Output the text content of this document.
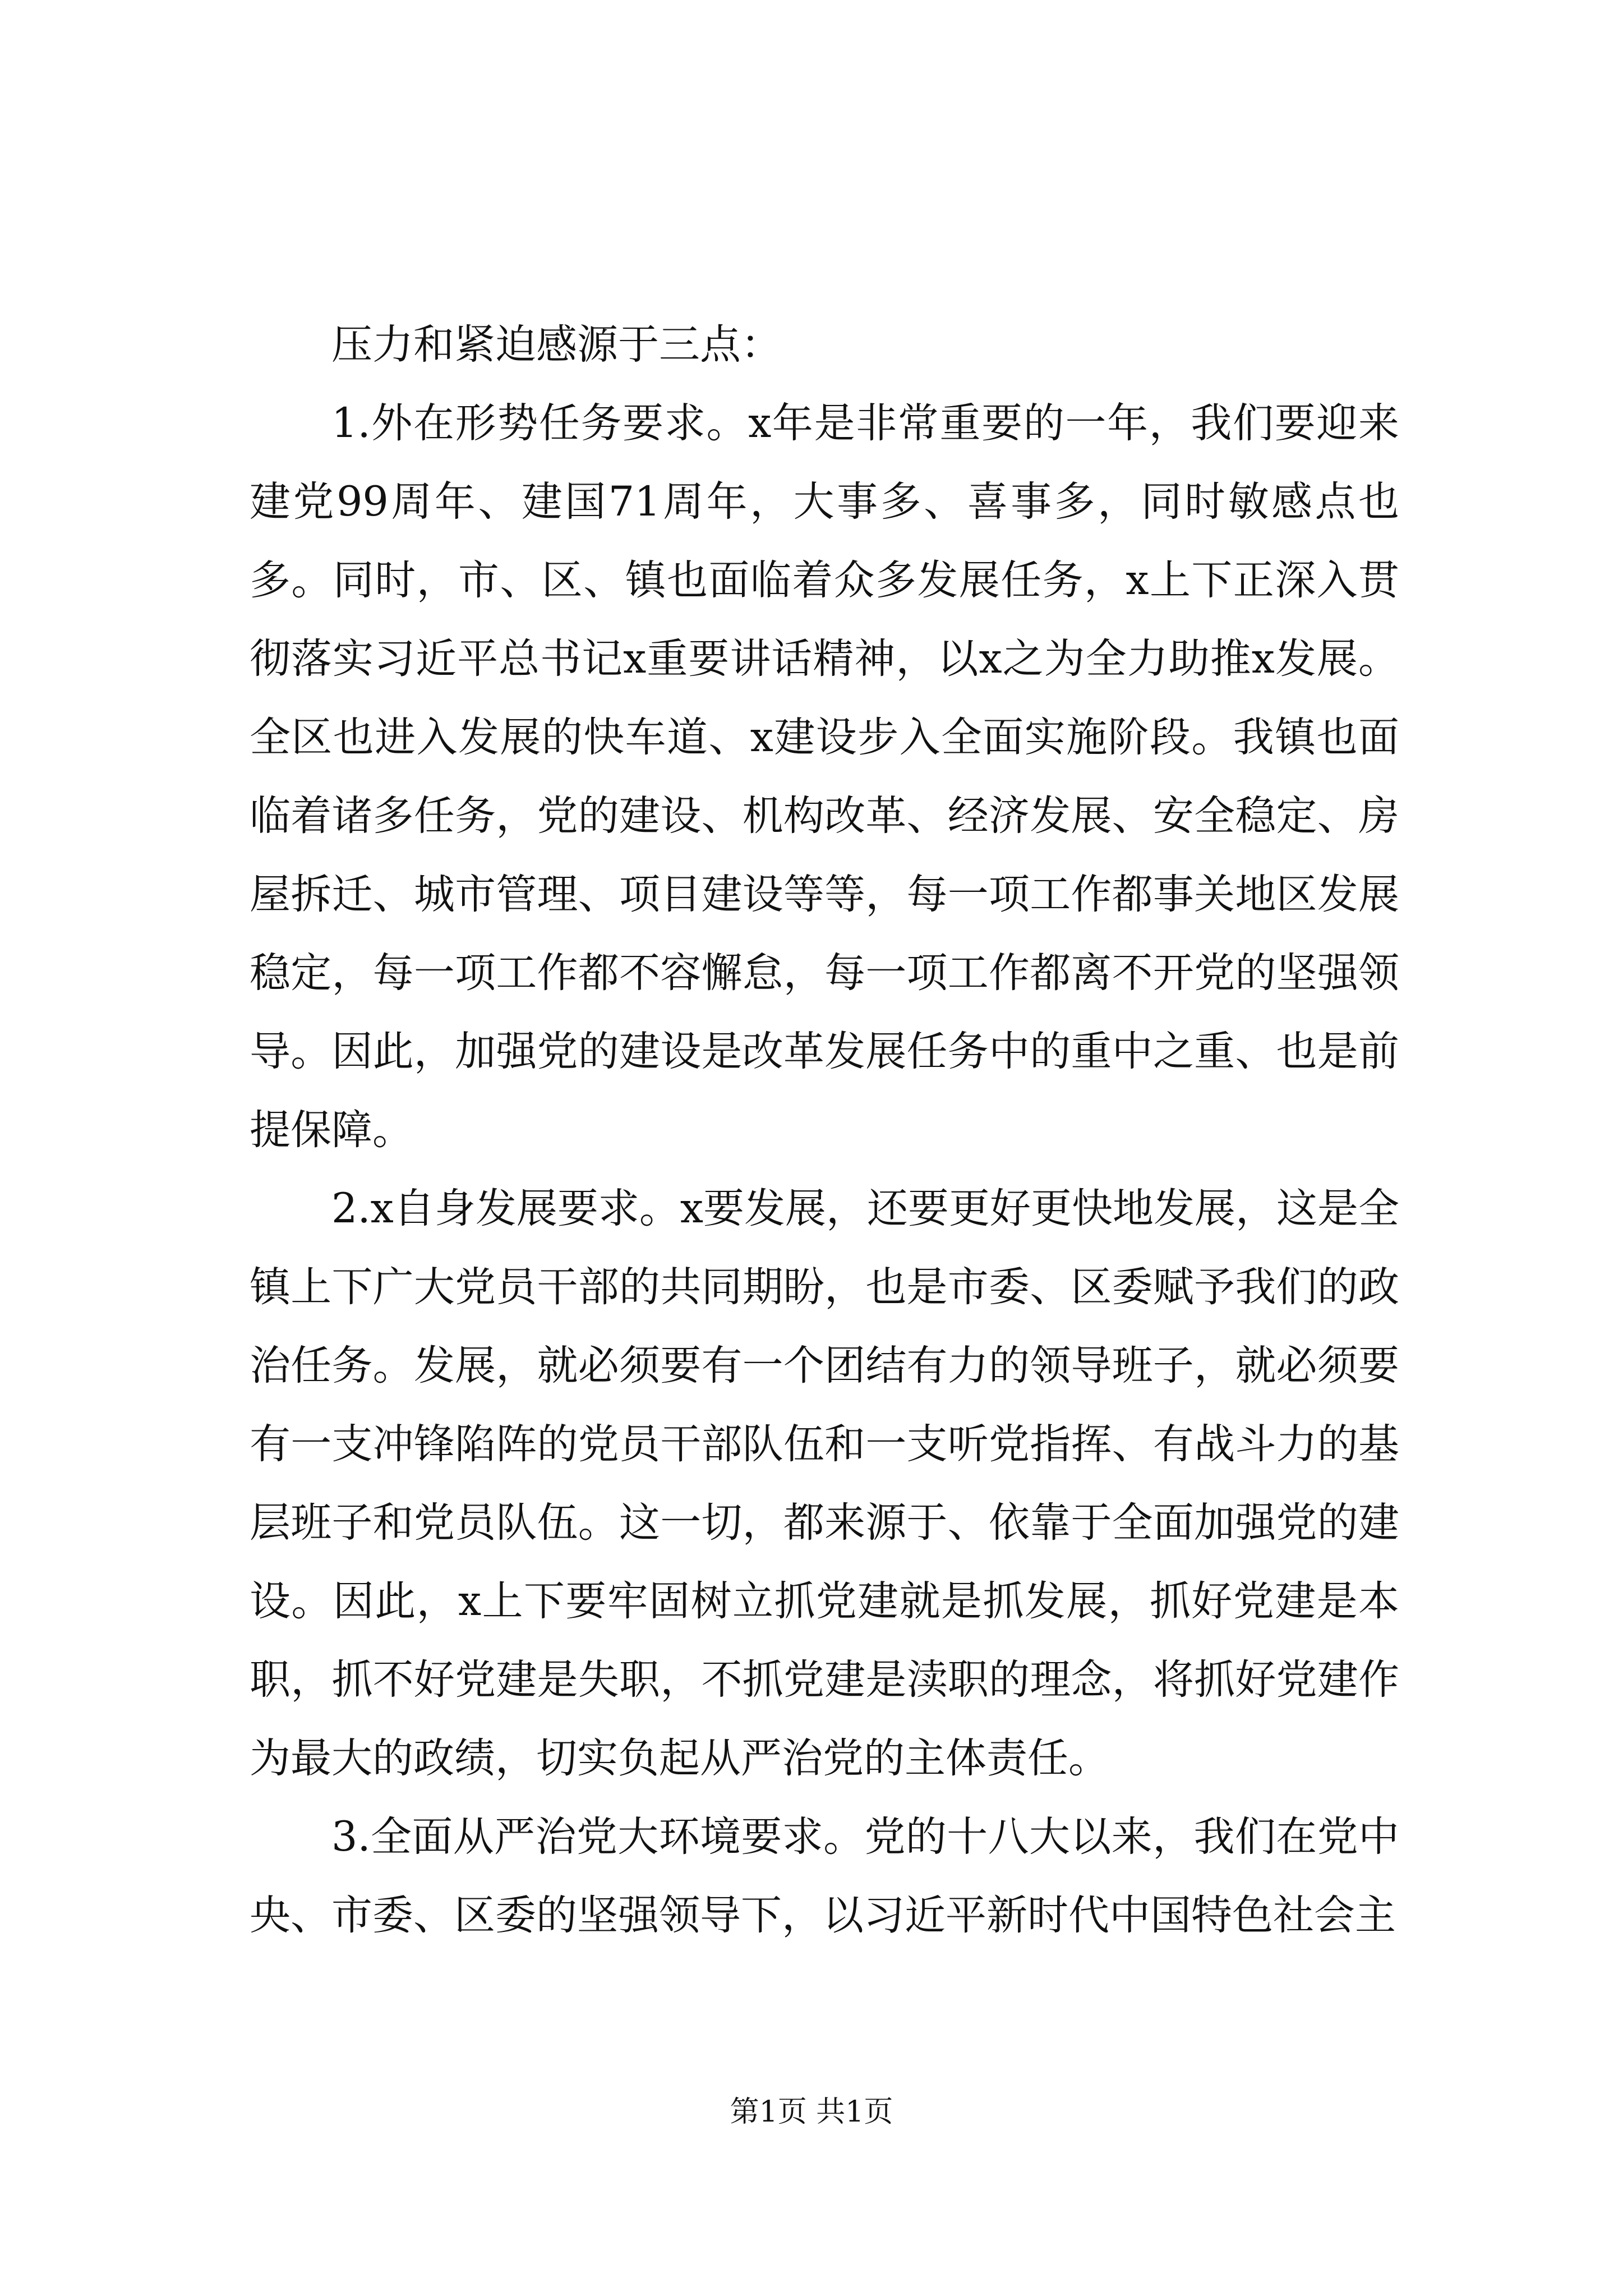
压力和紧迫感源于三点：

1.外在形势任务要求。x年是非常重要的一年，我们要迎来建党99周年、建国71周年，大事多、喜事多，同时敏感点也多。同时，市、区、镇也面临着众多发展任务，x上下正深入贯彻落实习近平总书记x重要讲话精神，以x之为全力助推x发展。全区也进入发展的快车道、x建设步入全面实施阶段。我镇也面临着诸多任务，党的建设、机构改革、经济发展、安全稳定、房屋拆迁、城市管理、项目建设等等，每一项工作都事关地区发展稳定，每一项工作都不容懈怠，每一项工作都离不开党的坚强领导。因此，加强党的建设是改革发展任务中的重中之重、也是前提保障。

2.x自身发展要求。x要发展，还要更好更快地发展，这是全镇上下广大党员干部的共同期盼，也是市委、区委赋予我们的政治任务。发展，就必须要有一个团结有力的领导班子，就必须要有一支冲锋陷阵的党员干部队伍和一支听党指挥、有战斗力的基层班子和党员队伍。这一切，都来源于、依靠于全面加强党的建设。因此，x上下要牢固树立抓党建就是抓发展，抓好党建是本职，抓不好党建是失职，不抓党建是渎职的理念，将抓好党建作为最大的政绩，切实负起从严治党的主体责任。

3.全面从严治党大环境要求。党的十八大以来，我们在党中央、市委、区委的坚强领导下，以习近平新时代中国特色社会主

第1页 共1页
